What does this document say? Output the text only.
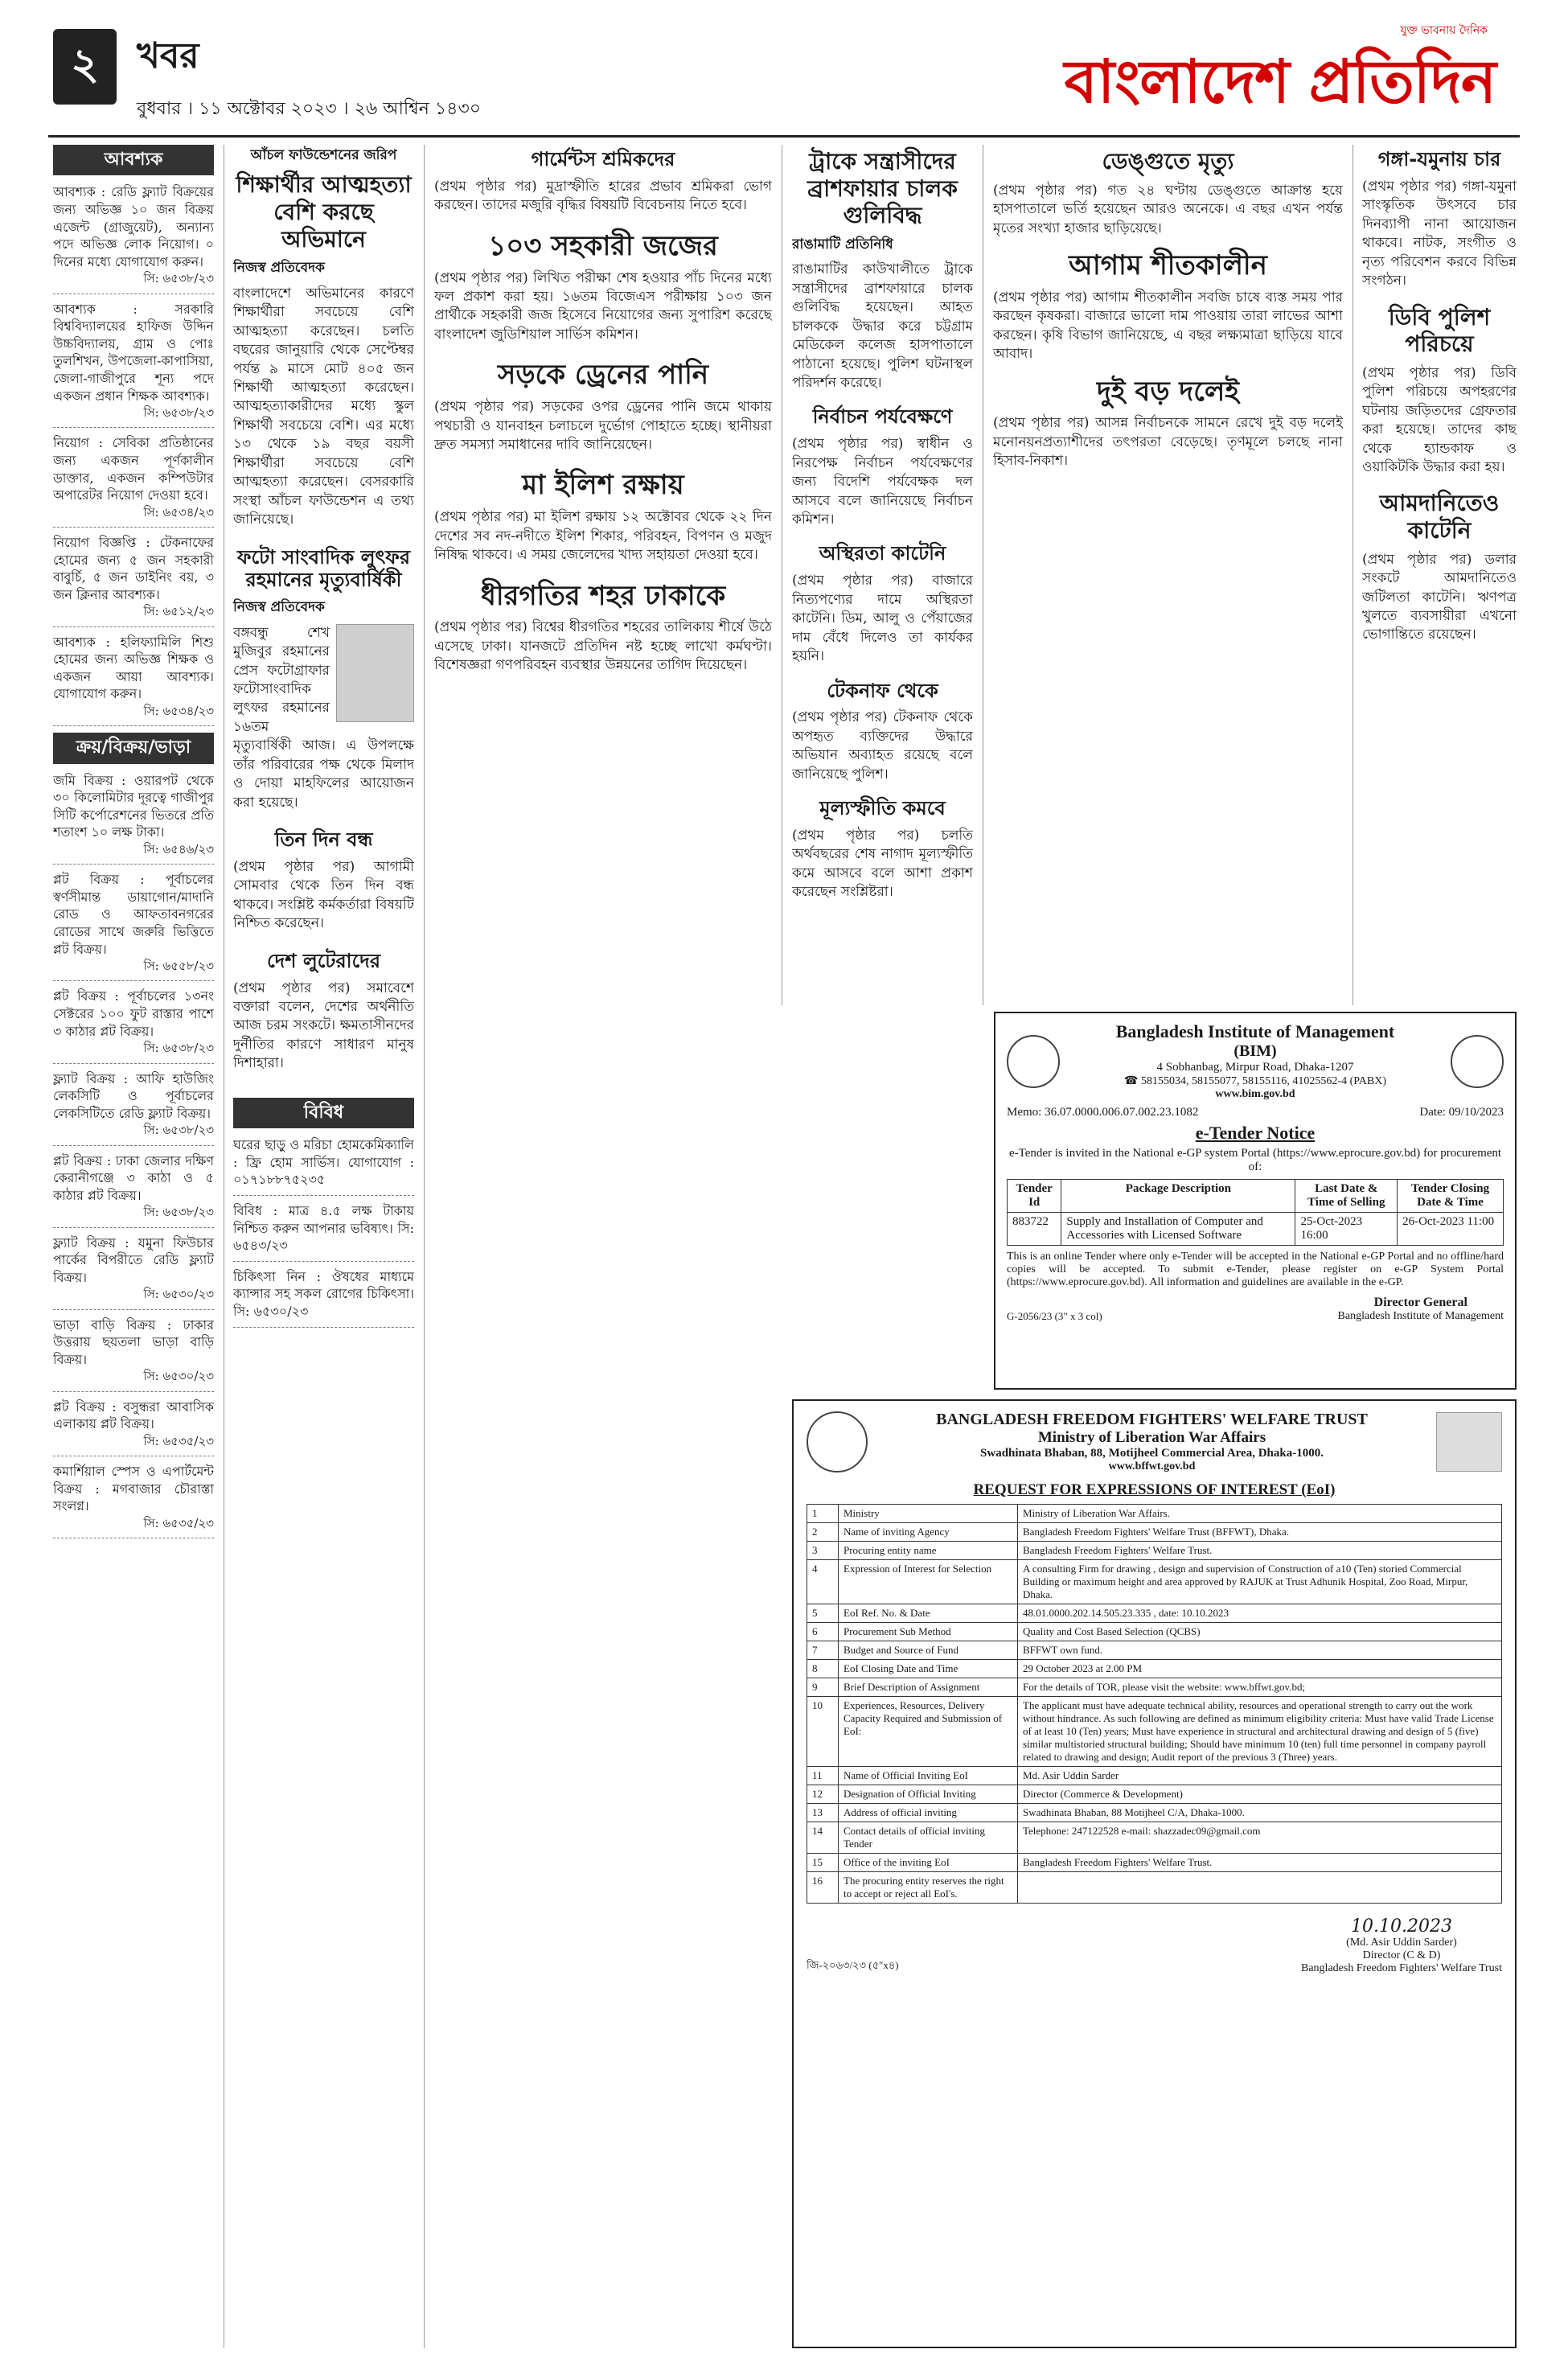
২	খবর
বুধবার । ১১ অক্টোবর ২০২৩ । ২৬ আশ্বিন ১৪৩০
যুক্ত ভাবনায় দৈনিক
বাংলাদেশ প্রতিদিন
আবশ্যক
আবশ্যক : রেডি ফ্ল্যাট বিক্রয়ের জন্য অভিজ্ঞ ১০ জন বিক্রয় এজেন্ট (গ্রাজুয়েট), অন্যান্য পদে অভিজ্ঞ লোক নিয়োগ। ০ দিনের মধ্যে যোগাযোগ করুন।
সি: ৬৫৩৮/২৩
আবশ্যক : সরকারি বিশ্ববিদ্যালয়ের হাফিজ উদ্দিন উচ্চবিদ্যালয়, গ্রাম ও পোঃ তুলশিখন, উপজেলা-কাপাসিয়া, জেলা-গাজীপুরে শূন্য পদে একজন প্রধান শিক্ষক আবশ্যক।
সি: ৬৫৩৮/২৩
নিয়োগ : সেবিকা প্রতিষ্ঠানের জন্য একজন পূর্ণকালীন ডাক্তার, একজন কম্পিউটার অপারেটর নিয়োগ দেওয়া হবে।
সি: ৬৫৩৪/২৩
নিয়োগ বিজ্ঞপ্তি : টেকনাফের হোমের জন্য ৫ জন সহকারী বাবুর্চি, ৫ জন ডাইনিং বয়, ৩ জন ক্লিনার আবশ্যক।
সি: ৬৫১২/২৩
আবশ্যক : হলিফ্যামিলি শিশু হোমের জন্য অভিজ্ঞ শিক্ষক ও একজন আয়া আবশ্যক। যোগাযোগ করুন।
সি: ৬৫৩৪/২৩
ক্রয়/বিক্রয়/ভাড়া
জমি বিক্রয় : ওয়ারপট থেকে ৩০ কিলোমিটার দূরত্বে গাজীপুর সিটি কর্পোরেশনের ভিতরে প্রতি শতাংশ ১০ লক্ষ টাকা।
সি: ৬৫৪৬/২৩
প্লট বিক্রয় : পূর্বাচলের স্বর্ণসীমান্ত ডায়াগোন/মাদানি রোড ও আফতাবনগরের রোডের সাথে জরুরি ভিত্তিতে প্লট বিক্রয়।
সি: ৬৫৫৮/২৩
প্লট বিক্রয় : পূর্বাচলের ১৩নং সেক্টরের ১০০ ফুট রাস্তার পাশে ৩ কাঠার প্লট বিক্রয়।
সি: ৬৫৩৮/২৩
ফ্ল্যাট বিক্রয় : আফি হাউজিং লেকসিটি ও পূর্বাচলের লেকসিটিতে রেডি ফ্ল্যাট বিক্রয়।
সি: ৬৫৩৮/২৩
প্লট বিক্রয় : ঢাকা জেলার দক্ষিণ কেরানীগঞ্জে ৩ কাঠা ও ৫ কাঠার প্লট বিক্রয়।
সি: ৬৫৩৮/২৩
ফ্ল্যাট বিক্রয় : যমুনা ফিউচার পার্কের বিপরীতে রেডি ফ্ল্যাট বিক্রয়।
সি: ৬৫৩০/২৩
ভাড়া বাড়ি বিক্রয় : ঢাকার উত্তরায় ছয়তলা ভাড়া বাড়ি বিক্রয়।
সি: ৬৫৩০/২৩
প্লট বিক্রয় : বসুন্ধরা আবাসিক এলাকায় প্লট বিক্রয়।
সি: ৬৫৩৫/২৩
কমার্শিয়াল স্পেস ও এপার্টমেন্ট বিক্রয় : মগবাজার চৌরাস্তা সংলগ্ন।
সি: ৬৫৩৫/২৩
আঁচল ফাউন্ডেশনের জরিপ
শিক্ষার্থীর আত্মহত্যা বেশি করছে অভিমানে
নিজস্ব প্রতিবেদক

বাংলাদেশে অভিমানের কারণে শিক্ষার্থীরা সবচেয়ে বেশি আত্মহত্যা করেছেন। চলতি বছরের জানুয়ারি থেকে সেপ্টেম্বর পর্যন্ত ৯ মাসে মোট ৪০৫ জন শিক্ষার্থী আত্মহত্যা করেছেন। আত্মহত্যাকারীদের মধ্যে স্কুল শিক্ষার্থী সবচেয়ে বেশি। এর মধ্যে ১৩ থেকে ১৯ বছর বয়সী শিক্ষার্থীরা সবচেয়ে বেশি আত্মহত্যা করেছেন। বেসরকারি সংস্থা আঁচল ফাউন্ডেশন এ তথ্য জানিয়েছে।

ফটো সাংবাদিক লুৎফর রহমানের মৃত্যুবার্ষিকী
নিজস্ব প্রতিবেদক

বঙ্গবন্ধু শেখ মুজিবুর রহমানের প্রেস ফটোগ্রাফার ফটোসাংবাদিক লুৎফর রহমানের ১৬তম মৃত্যুবার্ষিকী আজ। এ উপলক্ষে তাঁর পরিবারের পক্ষ থেকে মিলাদ ও দোয়া মাহফিলের আয়োজন করা হয়েছে।

তিন দিন বন্ধ

(প্রথম পৃষ্ঠার পর) আগামী সোমবার থেকে তিন দিন বন্ধ থাকবে। সংশ্লিষ্ট কর্মকর্তারা বিষয়টি নিশ্চিত করেছেন।

দেশ লুটেরাদের

(প্রথম পৃষ্ঠার পর) সমাবেশে বক্তারা বলেন, দেশের অর্থনীতি আজ চরম সংকটে। ক্ষমতাসীনদের দুর্নীতির কারণে সাধারণ মানুষ দিশাহারা।

বিবিধ
ঘরের ছাড়ু ও মরিচা হোমকেমিক্যালি : ফ্রি হোম সার্ভিস। যোগাযোগ : ০১৭১৮৮৭৫২৩৫
বিবিধ : মাত্র ৪.৫ লক্ষ টাকায় নিশ্চিত করুন আপনার ভবিষ্যৎ। সি: ৬৫৪৩/২৩
চিকিৎসা নিন : ঔষধের মাধ্যমে ক্যান্সার সহ সকল রোগের চিকিৎসা। সি: ৬৫৩০/২৩
গার্মেন্টস শ্রমিকদের

(প্রথম পৃষ্ঠার পর) মুদ্রাস্ফীতি হারের প্রভাব শ্রমিকরা ভোগ করছেন। তাদের মজুরি বৃদ্ধির বিষয়টি বিবেচনায় নিতে হবে।

১০৩ সহকারী জজের

(প্রথম পৃষ্ঠার পর) লিখিত পরীক্ষা শেষ হওয়ার পাঁচ দিনের মধ্যে ফল প্রকাশ করা হয়। ১৬তম বিজেএস পরীক্ষায় ১০৩ জন প্রার্থীকে সহকারী জজ হিসেবে নিয়োগের জন্য সুপারিশ করেছে বাংলাদেশ জুডিশিয়াল সার্ভিস কমিশন।

সড়কে ড্রেনের পানি

(প্রথম পৃষ্ঠার পর) সড়কের ওপর ড্রেনের পানি জমে থাকায় পথচারী ও যানবাহন চলাচলে দুর্ভোগ পোহাতে হচ্ছে। স্থানীয়রা দ্রুত সমস্যা সমাধানের দাবি জানিয়েছেন।

মা ইলিশ রক্ষায়

(প্রথম পৃষ্ঠার পর) মা ইলিশ রক্ষায় ১২ অক্টোবর থেকে ২২ দিন দেশের সব নদ-নদীতে ইলিশ শিকার, পরিবহন, বিপণন ও মজুদ নিষিদ্ধ থাকবে। এ সময় জেলেদের খাদ্য সহায়তা দেওয়া হবে।

ধীরগতির শহর ঢাকাকে

(প্রথম পৃষ্ঠার পর) বিশ্বের ধীরগতির শহরের তালিকায় শীর্ষে উঠে এসেছে ঢাকা। যানজটে প্রতিদিন নষ্ট হচ্ছে লাখো কর্মঘণ্টা। বিশেষজ্ঞরা গণপরিবহন ব্যবস্থার উন্নয়নের তাগিদ দিয়েছেন।

ট্রাকে সন্ত্রাসীদের ব্রাশফায়ার চালক গুলিবিদ্ধ
রাঙামাটি প্রতিনিধি

রাঙামাটির কাউখালীতে ট্রাকে সন্ত্রাসীদের ব্রাশফায়ারে চালক গুলিবিদ্ধ হয়েছেন। আহত চালককে উদ্ধার করে চট্টগ্রাম মেডিকেল কলেজ হাসপাতালে পাঠানো হয়েছে। পুলিশ ঘটনাস্থল পরিদর্শন করেছে।

নির্বাচন পর্যবেক্ষণে

(প্রথম পৃষ্ঠার পর) স্বাধীন ও নিরপেক্ষ নির্বাচন পর্যবেক্ষণের জন্য বিদেশি পর্যবেক্ষক দল আসবে বলে জানিয়েছে নির্বাচন কমিশন।

অস্থিরতা কাটেনি

(প্রথম পৃষ্ঠার পর) বাজারে নিত্যপণ্যের দামে অস্থিরতা কাটেনি। ডিম, আলু ও পেঁয়াজের দাম বেঁধে দিলেও তা কার্যকর হয়নি।

টেকনাফ থেকে

(প্রথম পৃষ্ঠার পর) টেকনাফ থেকে অপহৃত ব্যক্তিদের উদ্ধারে অভিযান অব্যাহত রয়েছে বলে জানিয়েছে পুলিশ।

মূল্যস্ফীতি কমবে

(প্রথম পৃষ্ঠার পর) চলতি অর্থবছরের শেষ নাগাদ মূল্যস্ফীতি কমে আসবে বলে আশা প্রকাশ করেছেন সংশ্লিষ্টরা।

ডেঙ্গুতে মৃত্যু

(প্রথম পৃষ্ঠার পর) গত ২৪ ঘণ্টায় ডেঙ্গুতে আক্রান্ত হয়ে হাসপাতালে ভর্তি হয়েছেন আরও অনেকে। এ বছর এখন পর্যন্ত মৃতের সংখ্যা হাজার ছাড়িয়েছে।

আগাম শীতকালীন

(প্রথম পৃষ্ঠার পর) আগাম শীতকালীন সবজি চাষে ব্যস্ত সময় পার করছেন কৃষকরা। বাজারে ভালো দাম পাওয়ায় তারা লাভের আশা করছেন। কৃষি বিভাগ জানিয়েছে, এ বছর লক্ষ্যমাত্রা ছাড়িয়ে যাবে আবাদ।

দুই বড় দলেই

(প্রথম পৃষ্ঠার পর) আসন্ন নির্বাচনকে সামনে রেখে দুই বড় দলেই মনোনয়নপ্রত্যাশীদের তৎপরতা বেড়েছে। তৃণমূলে চলছে নানা হিসাব-নিকাশ।

গঙ্গা-যমুনায় চার

(প্রথম পৃষ্ঠার পর) গঙ্গা-যমুনা সাংস্কৃতিক উৎসবে চার দিনব্যাপী নানা আয়োজন থাকবে। নাটক, সংগীত ও নৃত্য পরিবেশন করবে বিভিন্ন সংগঠন।

ডিবি পুলিশ পরিচয়ে

(প্রথম পৃষ্ঠার পর) ডিবি পুলিশ পরিচয়ে অপহরণের ঘটনায় জড়িতদের গ্রেফতার করা হয়েছে। তাদের কাছ থেকে হ্যান্ডকাফ ও ওয়াকিটকি উদ্ধার করা হয়।

আমদানিতেও কাটেনি

(প্রথম পৃষ্ঠার পর) ডলার সংকটে আমদানিতেও জটিলতা কাটেনি। ঋণপত্র খুলতে ব্যবসায়ীরা এখনো ভোগান্তিতে রয়েছেন।

Bangladesh Institute of Management
(BIM)
4 Sobhanbag, Mirpur Road, Dhaka-1207
☎ 58155034, 58155077, 58155116, 41025562-4 (PABX)
www.bim.gov.bd
Memo: 36.07.0000.006.07.002.23.1082	Date: 09/10/2023
e-Tender Notice
e-Tender is invited in the National e-GP system Portal (https://www.eprocure.gov.bd) for procurement of:
Tender Id	Package Description	Last Date & Time of Selling	Tender Closing Date & Time
883722	Supply and Installation of Computer and Accessories with Licensed Software	25-Oct-2023 16:00	26-Oct-2023 11:00
This is an online Tender where only e-Tender will be accepted in the National e-GP Portal and no offline/hard copies will be accepted. To submit e-Tender, please register on e-GP System Portal (https://www.eprocure.gov.bd). All information and guidelines are available in the e-GP.
G-2056/23 (3" x 3 col)
Director General
Bangladesh Institute of Management
BANGLADESH FREEDOM FIGHTERS' WELFARE TRUST
Ministry of Liberation War Affairs
Swadhinata Bhaban, 88, Motijheel Commercial Area, Dhaka-1000.
www.bffwt.gov.bd
REQUEST FOR EXPRESSIONS OF INTEREST (EoI)
1	Ministry	Ministry of Liberation War Affairs.
2	Name of inviting Agency	Bangladesh Freedom Fighters' Welfare Trust (BFFWT), Dhaka.
3	Procuring entity name	Bangladesh Freedom Fighters' Welfare Trust.
4	Expression of Interest for Selection	A consulting Firm for drawing , design and supervision of Construction of a10 (Ten) storied Commercial Building or maximum height and area approved by RAJUK at Trust Adhunik Hospital, Zoo Road, Mirpur, Dhaka.
5	EoI Ref. No. & Date	48.01.0000.202.14.505.23.335 , date: 10.10.2023
6	Procurement Sub Method	Quality and Cost Based Selection (QCBS)
7	Budget and Source of Fund	BFFWT own fund.
8	EoI Closing Date and Time	29 October 2023 at 2.00 PM
9	Brief Description of Assignment	For the details of TOR, please visit the website: www.bffwt.gov.bd;
10	Experiences, Resources, Delivery Capacity Required and Submission of EoI:	The applicant must have adequate technical ability, resources and operational strength to carry out the work without hindrance. As such following are defined as minimum eligibility criteria: Must have valid Trade License of at least 10 (Ten) years; Must have experience in structural and architectural drawing and design of 5 (five) similar multistoried structural building; Should have minimum 10 (ten) full time personnel in company payroll related to drawing and design; Audit report of the previous 3 (Three) years.
11	Name of Official Inviting EoI	Md. Asir Uddin Sarder
12	Designation of Official Inviting	Director (Commerce & Development)
13	Address of official inviting	Swadhinata Bhaban, 88 Motijheel C/A, Dhaka-1000.
14	Contact details of official inviting Tender	Telephone: 247122528 e-mail: shazzadec09@gmail.com
15	Office of the inviting EoI	Bangladesh Freedom Fighters' Welfare Trust.
16	The procuring entity reserves the right to accept or reject all EoI's.	
জি-২০৬৩/২৩ (৫"x৪)
10.10.2023
(Md. Asir Uddin Sarder)
Director (C & D)
Bangladesh Freedom Fighters' Welfare Trust
